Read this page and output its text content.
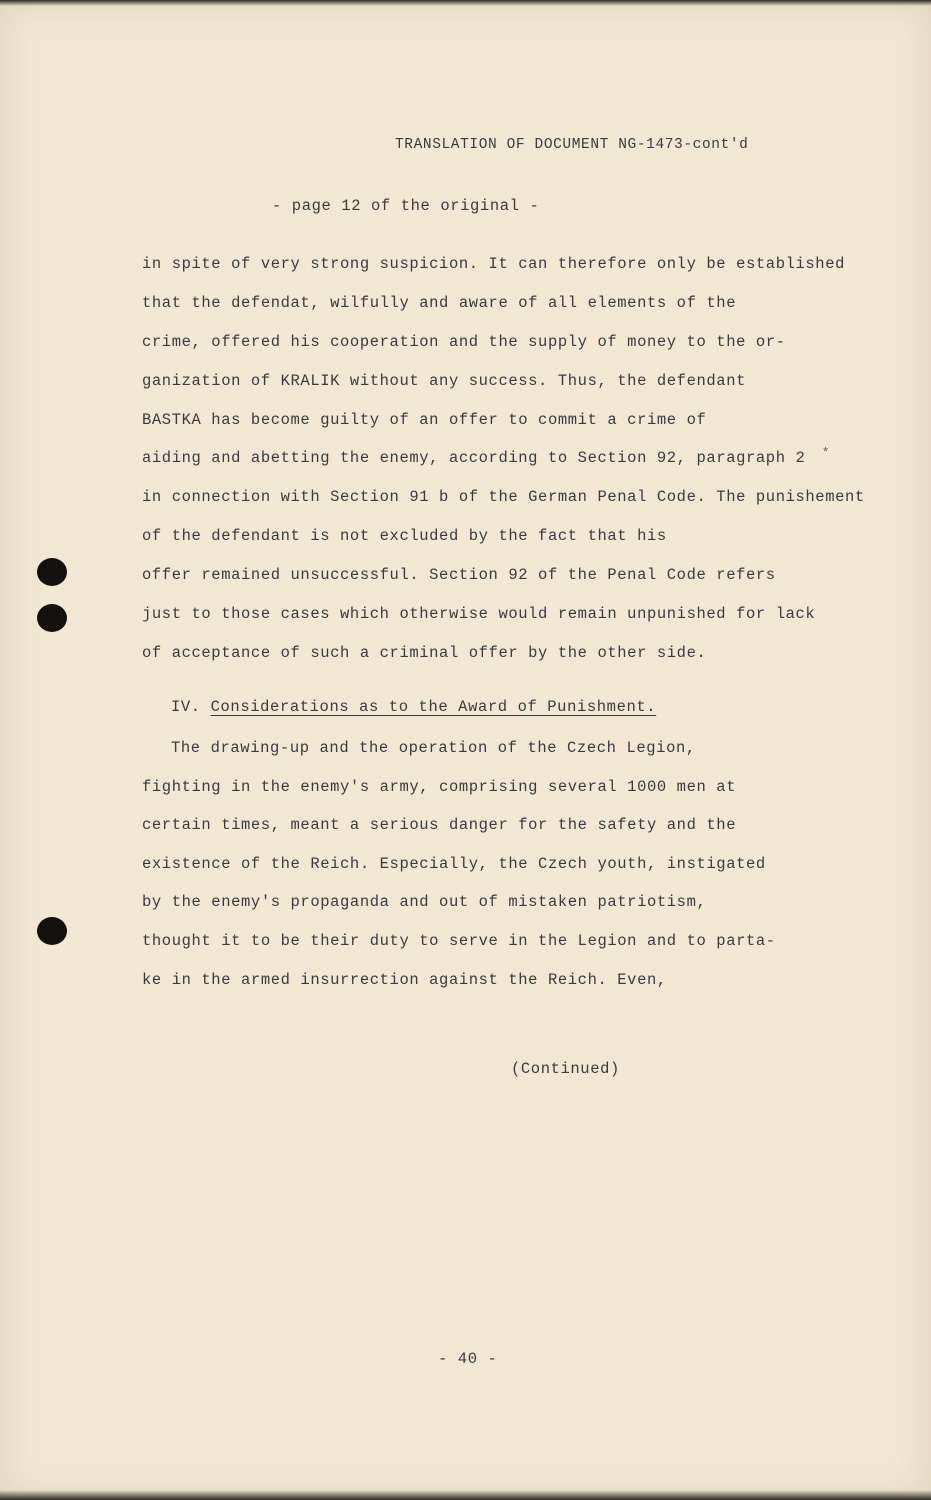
TRANSLATION OF DOCUMENT NG-1473-cont'd
- page 12 of the original -
in spite of very strong suspicion. It can therefore only be established
that the defendat, wilfully and aware of all elements of the
crime, offered his cooperation and the supply of money to the or-
ganization of KRALIK without any success. Thus, the defendant
BASTKA has become guilty of an offer to commit a crime of
aiding and abetting the enemy, according to Section 92, paragraph 2
in connection with Section 91 b of the German Penal Code. The punishement
of the defendant is not excluded by the fact that his
offer remained unsuccessful. Section 92 of the Penal Code refers
just to those cases which otherwise would remain unpunished for lack
of acceptance of such a criminal offer by the other side.
*
IV. Considerations as to the Award of Punishment.
The drawing-up and the operation of the Czech Legion,
fighting in the enemy's army, comprising several 1000 men at
certain times, meant a serious danger for the safety and the
existence of the Reich. Especially, the Czech youth, instigated
by the enemy's propaganda and out of mistaken patriotism,
thought it to be their duty to serve in the Legion and to parta-
ke in the armed insurrection against the Reich. Even,
(Continued)
- 40 -
